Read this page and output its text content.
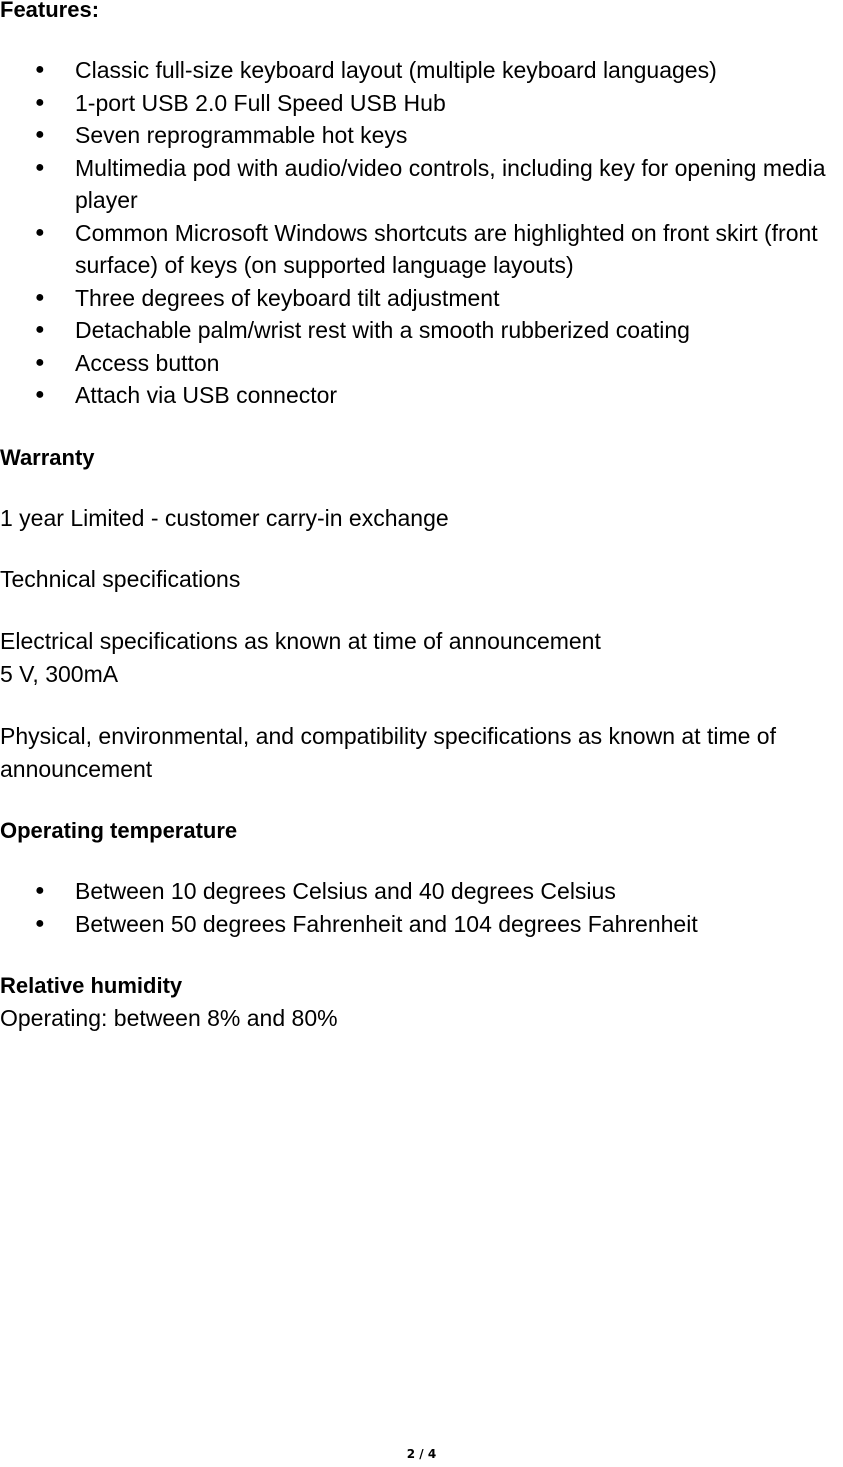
Features:
● Classic full-size keyboard layout (multiple keyboard languages)
● 1-port USB 2.0 Full Speed USB Hub
● Seven reprogrammable hot keys
● Multimedia pod with audio/video controls, including key for opening media player
● Common Microsoft Windows shortcuts are highlighted on front skirt (front surface) of keys (on supported language layouts)
● Three degrees of keyboard tilt adjustment
● Detachable palm/wrist rest with a smooth rubberized coating
● Access button
● Attach via USB connector
Warranty

1 year Limited - customer carry-in exchange

Technical specifications

Electrical specifications as known at time of announcement

5 V, 300mA

Physical, environmental, and compatibility specifications as known at time of announcement

Operating temperature
● Between 10 degrees Celsius and 40 degrees Celsius
● Between 50 degrees Fahrenheit and 104 degrees Fahrenheit
Relative humidity

Operating: between 8% and 80%

2 / 4
